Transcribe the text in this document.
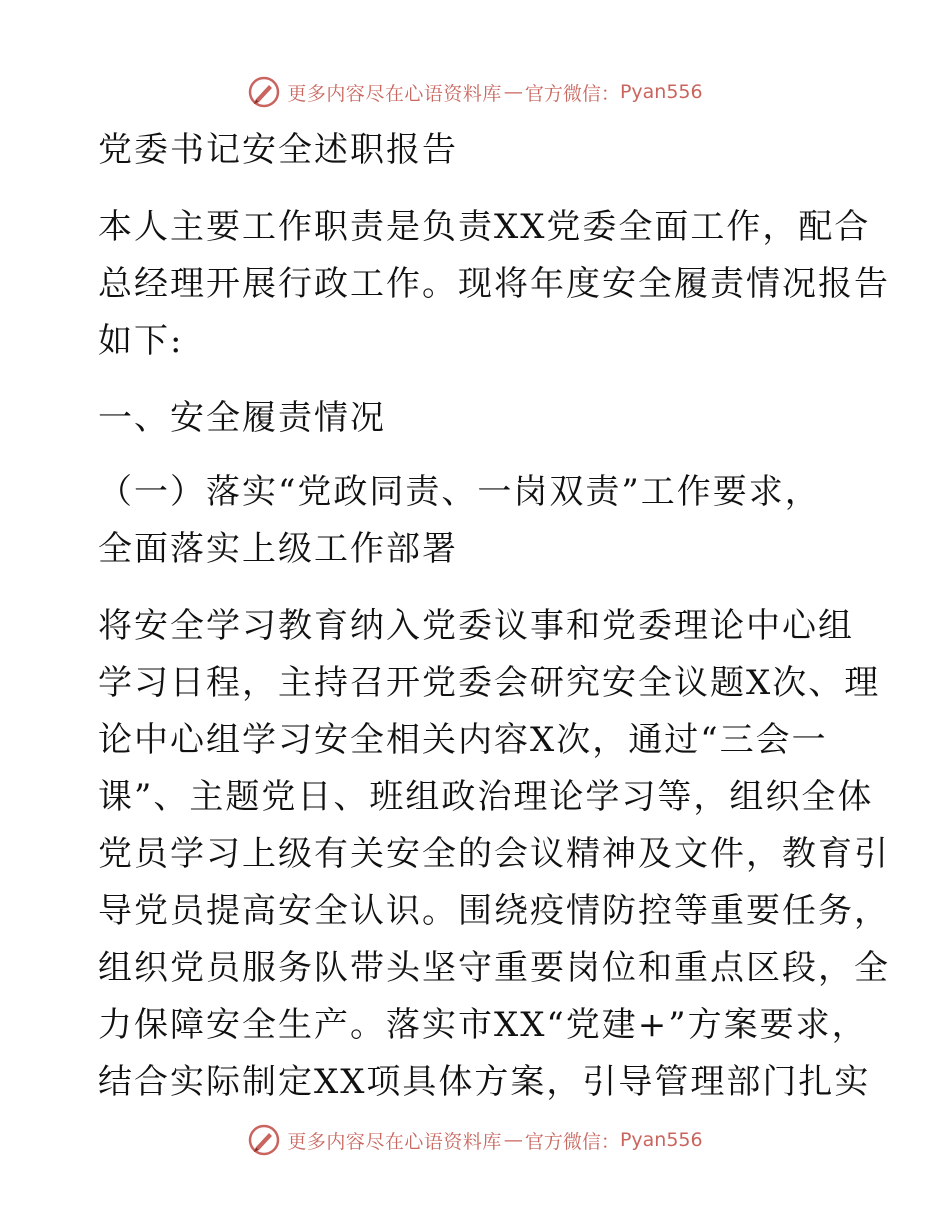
更多内容尽在心语资料库 — 官方微信： Pyan556
党委书记安全述职报告
本人主要工作职责是负责XX党委全面工作，配合
总经理开展行政工作。现将年度安全履责情况报告
如下:
一、安全履责情况
（一）落实“党政同责、一岗双责”工作要求，
全面落实上级工作部署
将安全学习教育纳入党委议事和党委理论中心组
学习日程，主持召开党委会研究安全议题X次、理
论中心组学习安全相关内容X次，通过“三会一
课”、主题党日、班组政治理论学习等，组织全体
党员学习上级有关安全的会议精神及文件，教育引
导党员提高安全认识。围绕疫情防控等重要任务，
组织党员服务队带头坚守重要岗位和重点区段，全
力保障安全生产。落实市XX“党建+”方案要求，
结合实际制定XX项具体方案，引导管理部门扎实
更多内容尽在心语资料库 — 官方微信： Pyan556
